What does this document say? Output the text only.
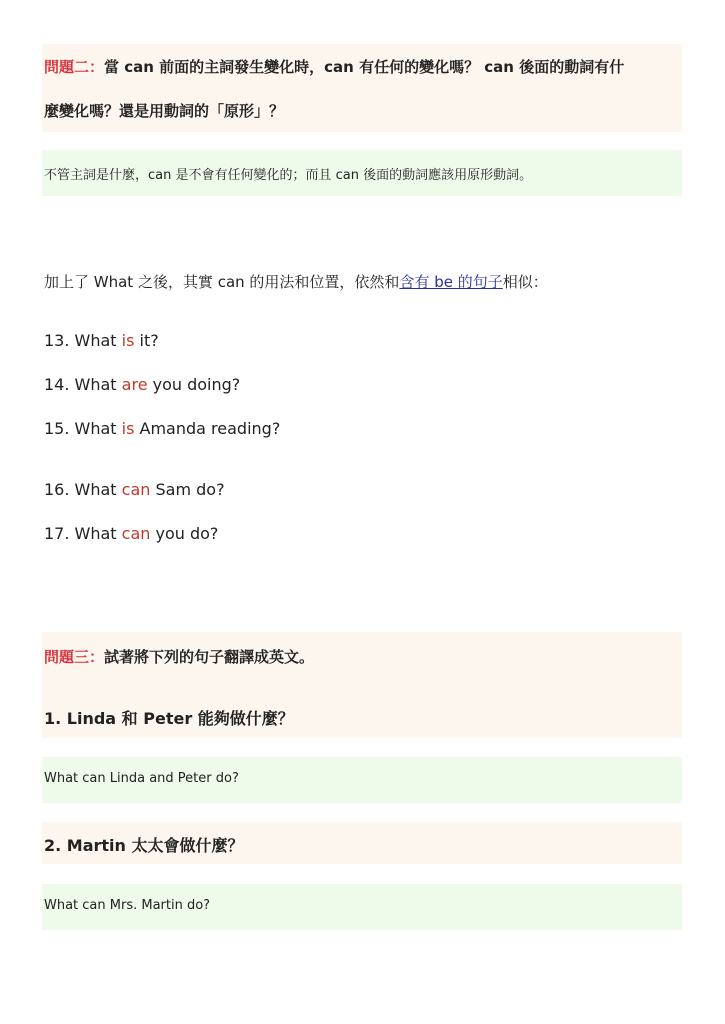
問題二：當 can 前面的主詞發生變化時，can 有任何的變化嗎？ can 後面的動詞有什
麼變化嗎？還是用動詞的「原形」？
不管主詞是什麼，can 是不會有任何變化的；而且 can 後面的動詞應該用原形動詞。
加上了 What 之後，其實 can 的用法和位置，依然和含有 be 的句子相似：
13. What is it?
14. What are you doing?
15. What is Amanda reading?
16. What can Sam do?
17. What can you do?
問題三：試著將下列的句子翻譯成英文。
1. Linda 和 Peter 能夠做什麼？
What can Linda and Peter do?
2. Martin 太太會做什麼？
What can Mrs. Martin do?
